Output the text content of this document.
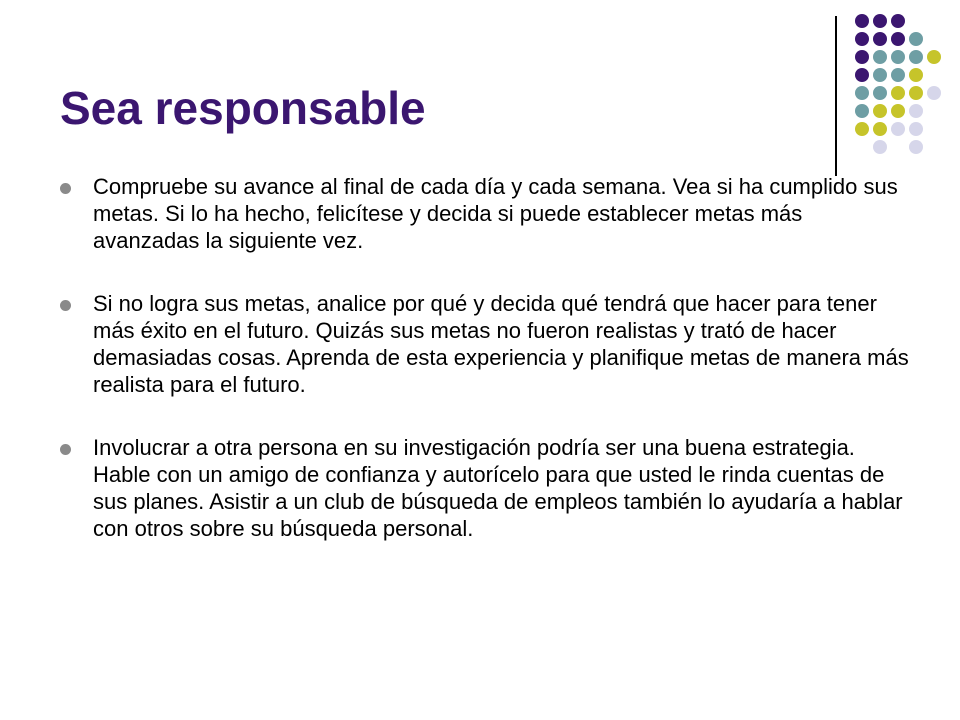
Sea responsable
Compruebe su avance al final de cada día y cada semana. Vea si ha cumplido sus metas. Si lo ha hecho, felicítese y decida si puede establecer metas más avanzadas la siguiente vez.
Si no logra sus metas, analice por qué y decida qué tendrá que hacer para tener más éxito en el futuro. Quizás sus metas no fueron realistas y trató de hacer demasiadas cosas. Aprenda de esta experiencia y planifique metas de manera más realista para el futuro.
Involucrar a otra persona en su investigación podría ser una buena estrategia. Hable con un amigo de confianza y autorícelo para que usted le rinda cuentas de sus planes. Asistir a un club de búsqueda de empleos también lo ayudaría a hablar con otros sobre su búsqueda personal.
